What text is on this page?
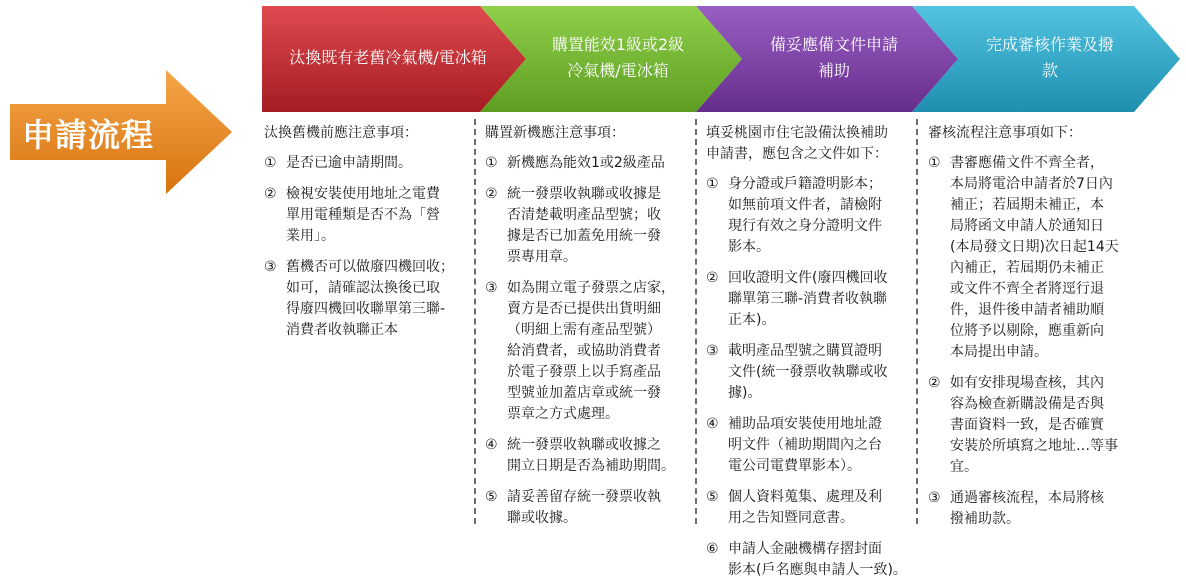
申請流程
汰換既有老舊冷氣機/電冰箱
購置能效1級或2級
冷氣機/電冰箱
備妥應備文件申請
補助
完成審核作業及撥
款
汰換舊機前應注意事項：
① 是否已逾申請期間。
② 檢視安裝使用地址之電費
單用電種類是否不為「營
業用」。
③ 舊機否可以做廢四機回收；
如可，請確認汰換後已取
得廢四機回收聯單第三聯-
消費者收執聯正本
購置新機應注意事項：
① 新機應為能效1或2級產品
② 統一發票收執聯或收據是
否清楚載明產品型號；收
據是否已加蓋免用統一發
票專用章。
③ 如為開立電子發票之店家，
賣方是否已提供出貨明細
（明細上需有產品型號）
給消費者，或協助消費者
於電子發票上以手寫產品
型號並加蓋店章或統一發
票章之方式處理。
④ 統一發票收執聯或收據之
開立日期是否為補助期間。
⑤ 請妥善留存統一發票收執
聯或收據。
填妥桃園市住宅設備汰換補助
申請書，應包含之文件如下：
① 身分證或戶籍證明影本；
如無前項文件者，請檢附
現行有效之身分證明文件
影本。
② 回收證明文件(廢四機回收
聯單第三聯-消費者收執聯
正本)。
③ 載明產品型號之購買證明
文件(統一發票收執聯或收
據)。
④ 補助品項安裝使用地址證
明文件（補助期間內之台
電公司電費單影本）。
⑤ 個人資料蒐集、處理及利
用之告知暨同意書。
⑥ 申請人金融機構存摺封面
影本(戶名應與申請人一致)。
審核流程注意事項如下：
① 書審應備文件不齊全者，
本局將電洽申請者於7日內
補正；若屆期未補正，本
局將函文申請人於通知日
(本局發文日期)次日起14天
內補正，若屆期仍未補正
或文件不齊全者將逕行退
件，退件後申請者補助順
位將予以剔除，應重新向
本局提出申請。
② 如有安排現場查核，其內
容為檢查新購設備是否與
書面資料一致，是否確實
安裝於所填寫之地址…等事
宜。
③ 通過審核流程，本局將核
撥補助款。
